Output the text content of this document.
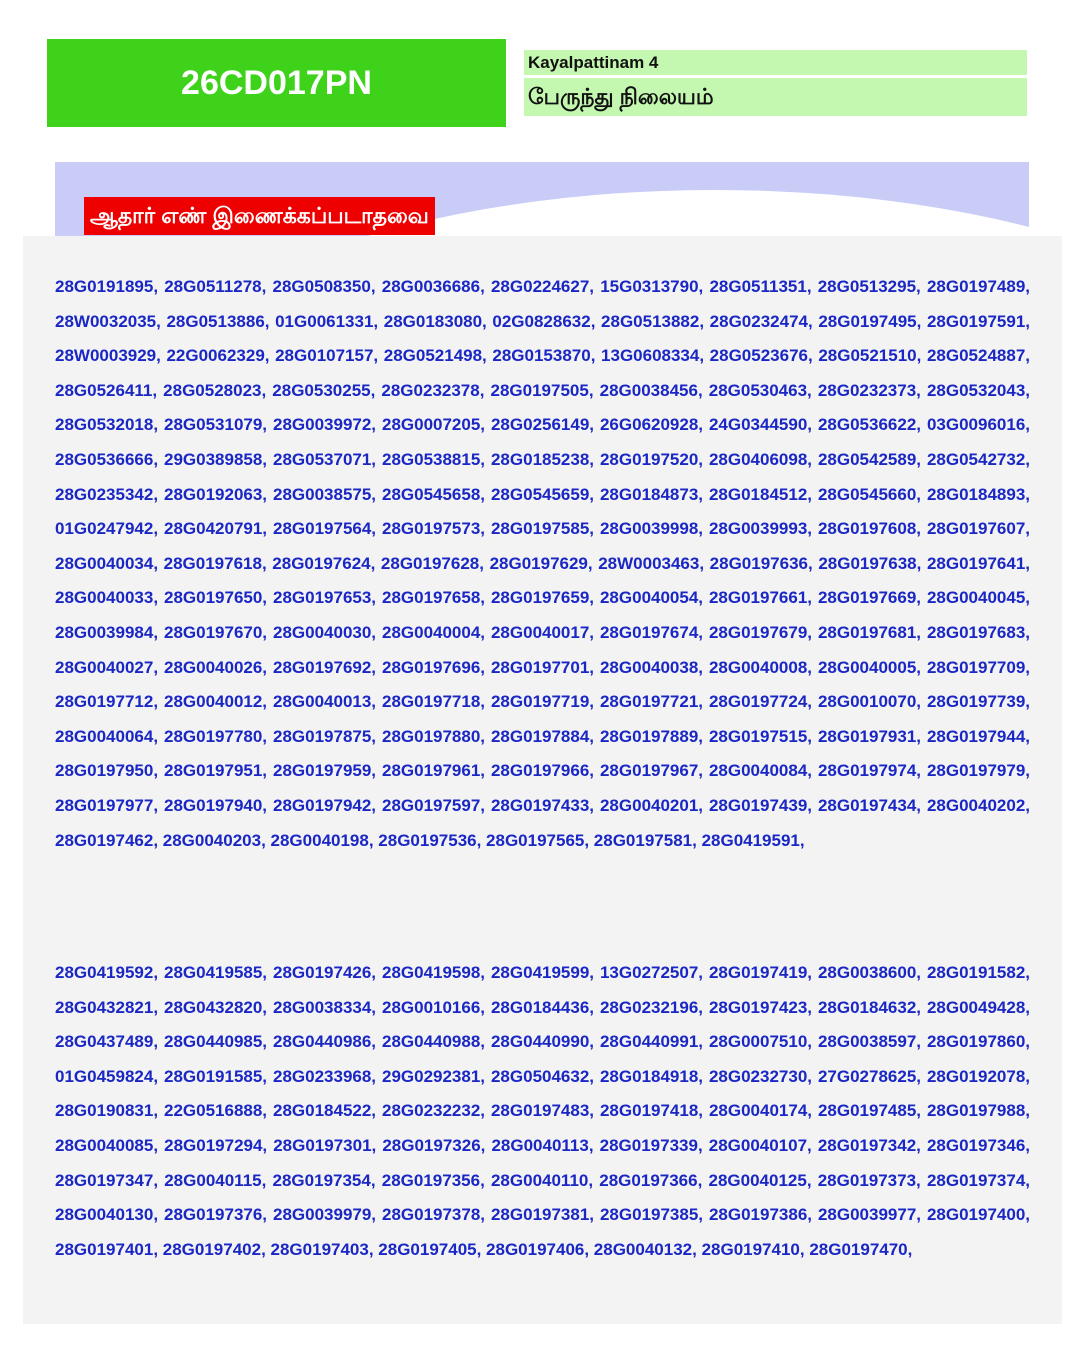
26CD017PN
Kayalpattinam 4
பேருந்து நிலையம்
ஆதார் எண் இணைக்கப்படாதவை

28G0191895, 28G0511278, 28G0508350, 28G0036686, 28G0224627, 15G0313790, 28G0511351, 28G0513295, 28G0197489, 28W0032035, 28G0513886, 01G0061331, 28G0183080, 02G0828632, 28G0513882, 28G0232474, 28G0197495, 28G0197591, 28W0003929, 22G0062329, 28G0107157, 28G0521498, 28G0153870, 13G0608334, 28G0523676, 28G0521510, 28G0524887, 28G0526411, 28G0528023, 28G0530255, 28G0232378, 28G0197505, 28G0038456, 28G0530463, 28G0232373, 28G0532043, 28G0532018, 28G0531079, 28G0039972, 28G0007205, 28G0256149, 26G0620928, 24G0344590, 28G0536622, 03G0096016, 28G0536666, 29G0389858, 28G0537071, 28G0538815, 28G0185238, 28G0197520, 28G0406098, 28G0542589, 28G0542732, 28G0235342, 28G0192063, 28G0038575, 28G0545658, 28G0545659, 28G0184873, 28G0184512, 28G0545660, 28G0184893, 01G0247942, 28G0420791, 28G0197564, 28G0197573, 28G0197585, 28G0039998, 28G0039993, 28G0197608, 28G0197607, 28G0040034, 28G0197618, 28G0197624, 28G0197628, 28G0197629, 28W0003463, 28G0197636, 28G0197638, 28G0197641, 28G0040033, 28G0197650, 28G0197653, 28G0197658, 28G0197659, 28G0040054, 28G0197661, 28G0197669, 28G0040045, 28G0039984, 28G0197670, 28G0040030, 28G0040004, 28G0040017, 28G0197674, 28G0197679, 28G0197681, 28G0197683, 28G0040027, 28G0040026, 28G0197692, 28G0197696, 28G0197701, 28G0040038, 28G0040008, 28G0040005, 28G0197709, 28G0197712, 28G0040012, 28G0040013, 28G0197718, 28G0197719, 28G0197721, 28G0197724, 28G0010070, 28G0197739, 28G0040064, 28G0197780, 28G0197875, 28G0197880, 28G0197884, 28G0197889, 28G0197515, 28G0197931, 28G0197944, 28G0197950, 28G0197951, 28G0197959, 28G0197961, 28G0197966, 28G0197967, 28G0040084, 28G0197974, 28G0197979, 28G0197977, 28G0197940, 28G0197942, 28G0197597, 28G0197433, 28G0040201, 28G0197439, 28G0197434, 28G0040202, 28G0197462, 28G0040203, 28G0040198, 28G0197536, 28G0197565, 28G0197581, 28G0419591,

28G0419592, 28G0419585, 28G0197426, 28G0419598, 28G0419599, 13G0272507, 28G0197419, 28G0038600, 28G0191582, 28G0432821, 28G0432820, 28G0038334, 28G0010166, 28G0184436, 28G0232196, 28G0197423, 28G0184632, 28G0049428, 28G0437489, 28G0440985, 28G0440986, 28G0440988, 28G0440990, 28G0440991, 28G0007510, 28G0038597, 28G0197860, 01G0459824, 28G0191585, 28G0233968, 29G0292381, 28G0504632, 28G0184918, 28G0232730, 27G0278625, 28G0192078, 28G0190831, 22G0516888, 28G0184522, 28G0232232, 28G0197483, 28G0197418, 28G0040174, 28G0197485, 28G0197988, 28G0040085, 28G0197294, 28G0197301, 28G0197326, 28G0040113, 28G0197339, 28G0040107, 28G0197342, 28G0197346, 28G0197347, 28G0040115, 28G0197354, 28G0197356, 28G0040110, 28G0197366, 28G0040125, 28G0197373, 28G0197374, 28G0040130, 28G0197376, 28G0039979, 28G0197378, 28G0197381, 28G0197385, 28G0197386, 28G0039977, 28G0197400, 28G0197401, 28G0197402, 28G0197403, 28G0197405, 28G0197406, 28G0040132, 28G0197410, 28G0197470,
